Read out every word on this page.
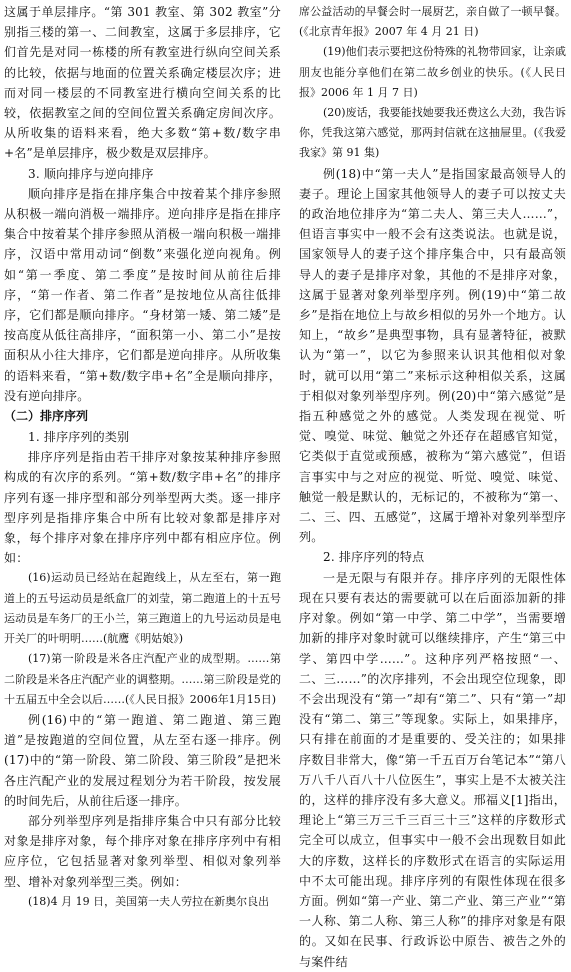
这属于单层排序。“第 301 教室、第 302 教室”分别指三楼的第一、二间教室，这属于多层排序，它们首先是对同一栋楼的所有教室进行纵向空间关系的比较，依据与地面的位置关系确定楼层次序；进而对同一楼层的不同教室进行横向空间关系的比较，依据教室之间的空间位置关系确定房间次序。从所收集的语料来看，绝大多数“第+数/数字串+名”是单层排序，极少数是双层排序。

3. 顺向排序与逆向排序

顺向排序是指在排序集合中按着某个排序参照从积极一端向消极一端排序。逆向排序是指在排序集合中按着某个排序参照从消极一端向积极一端排序，汉语中常用动词“倒数”来强化逆向视角。例如“第一季度、第二季度”是按时间从前往后排序，“第一作者、第二作者”是按地位从高往低排序，它们都是顺向排序。“身材第一矮、第二矮”是按高度从低往高排序，“面积第一小、第二小”是按面积从小往大排序，它们都是逆向排序。从所收集的语料来看，“第+数/数字串+名”全是顺向排序，没有逆向排序。

（二）排序序列

1. 排序序列的类别

排序序列是指由若干排序对象按某种排序参照构成的有次序的系列。“第+数/数字串+名”的排序序列有逐一排序型和部分列举型两大类。逐一排序型序列是指排序集合中所有比较对象都是排序对象，每个排序对象在排序序列中都有相应序位。例如：

(16)运动员已经站在起跑线上，从左至右，第一跑道上的五号运动员是纸盒厂的刘莹，第二跑道上的十五号运动员是车务厂的王小兰，第三跑道上的九号运动员是电开关厂的叶明明……(航鹰《明姑娘》)

(17)第一阶段是米各庄汽配产业的成型期。……第二阶段是米各庄汽配产业的调整期。……第三阶段是党的十五届五中全会以后……(《人民日报》2006年1月15日)

例(16)中的“第一跑道、第二跑道、第三跑道”是按跑道的空间位置，从左至右逐一排序。例(17)中的“第一阶段、第二阶段、第三阶段”是把米各庄汽配产业的发展过程划分为若干阶段，按发展的时间先后，从前往后逐一排序。

部分列举型序列是指排序集合中只有部分比较对象是排序对象，每个排序对象在排序序列中有相应序位，它包括显著对象列举型、相似对象列举型、增补对象列举型三类。例如：

(18)4 月 19 日，美国第一夫人劳拉在新奥尔良出

席公益活动的早餐会时一展厨艺，亲自做了一顿早餐。(《北京青年报》2007 年 4 月 21 日)

(19)他们表示要把这份特殊的礼物带回家，让亲戚朋友也能分享他们在第二故乡创业的快乐。(《人民日报》2006 年 1 月 7 日)

(20)废话，我要能找她要我还费这么大劲，我告诉你，凭我这第六感觉，那两封信就在这抽屉里。(《我爱我家》第 91 集)

例(18)中“第一夫人”是指国家最高领导人的妻子。理论上国家其他领导人的妻子可以按丈夫的政治地位排序为“第二夫人、第三夫人……”，但语言事实中一般不会有这类说法。也就是说，国家领导人的妻子这个排序集合中，只有最高领导人的妻子是排序对象，其他的不是排序对象，这属于显著对象列举型序列。例(19)中“第二故乡”是指在地位上与故乡相似的另外一个地方。认知上，“故乡”是典型事物，具有显著特征，被默认为“第一”，以它为参照来认识其他相似对象时，就可以用“第二”来标示这种相似关系，这属于相似对象列举型序列。例(20)中“第六感觉”是指五种感觉之外的感觉。人类发现在视觉、听觉、嗅觉、味觉、触觉之外还存在超感官知觉，它类似于直觉或预感，被称为“第六感觉”，但语言事实中与之对应的视觉、听觉、嗅觉、味觉、触觉一般是默认的，无标记的，不被称为“第一、二、三、四、五感觉”，这属于增补对象列举型序列。

2. 排序序列的特点

一是无限与有限并存。排序序列的无限性体现在只要有表达的需要就可以在后面添加新的排序对象。例如“第一中学、第二中学”，当需要增加新的排序对象时就可以继续排序，产生“第三中学、第四中学……”。这种序列严格按照“一、二、三……”的次序排列，不会出现空位现象，即不会出现没有“第一”却有“第二”、只有“第一”却没有“第二、第三”等现象。实际上，如果排序，只有排在前面的才是重要的、受关注的；如果排序数目非常大，像“第一千五百万台笔记本”“第八万八千八百八十八位医生”，事实上是不太被关注的，这样的排序没有多大意义。邢福义[1]指出，理论上“第三万三千三百三十三”这样的序数形式完全可以成立，但事实中一般不会出现数目如此大的序数，这样长的序数形式在语言的实际运用中不太可能出现。排序序列的有限性体现在很多方面。例如“第一产业、第二产业、第三产业”“第一人称、第二人称、第三人称”的排序对象是有限的。又如在民事、行政诉讼中原告、被告之外的与案件结
